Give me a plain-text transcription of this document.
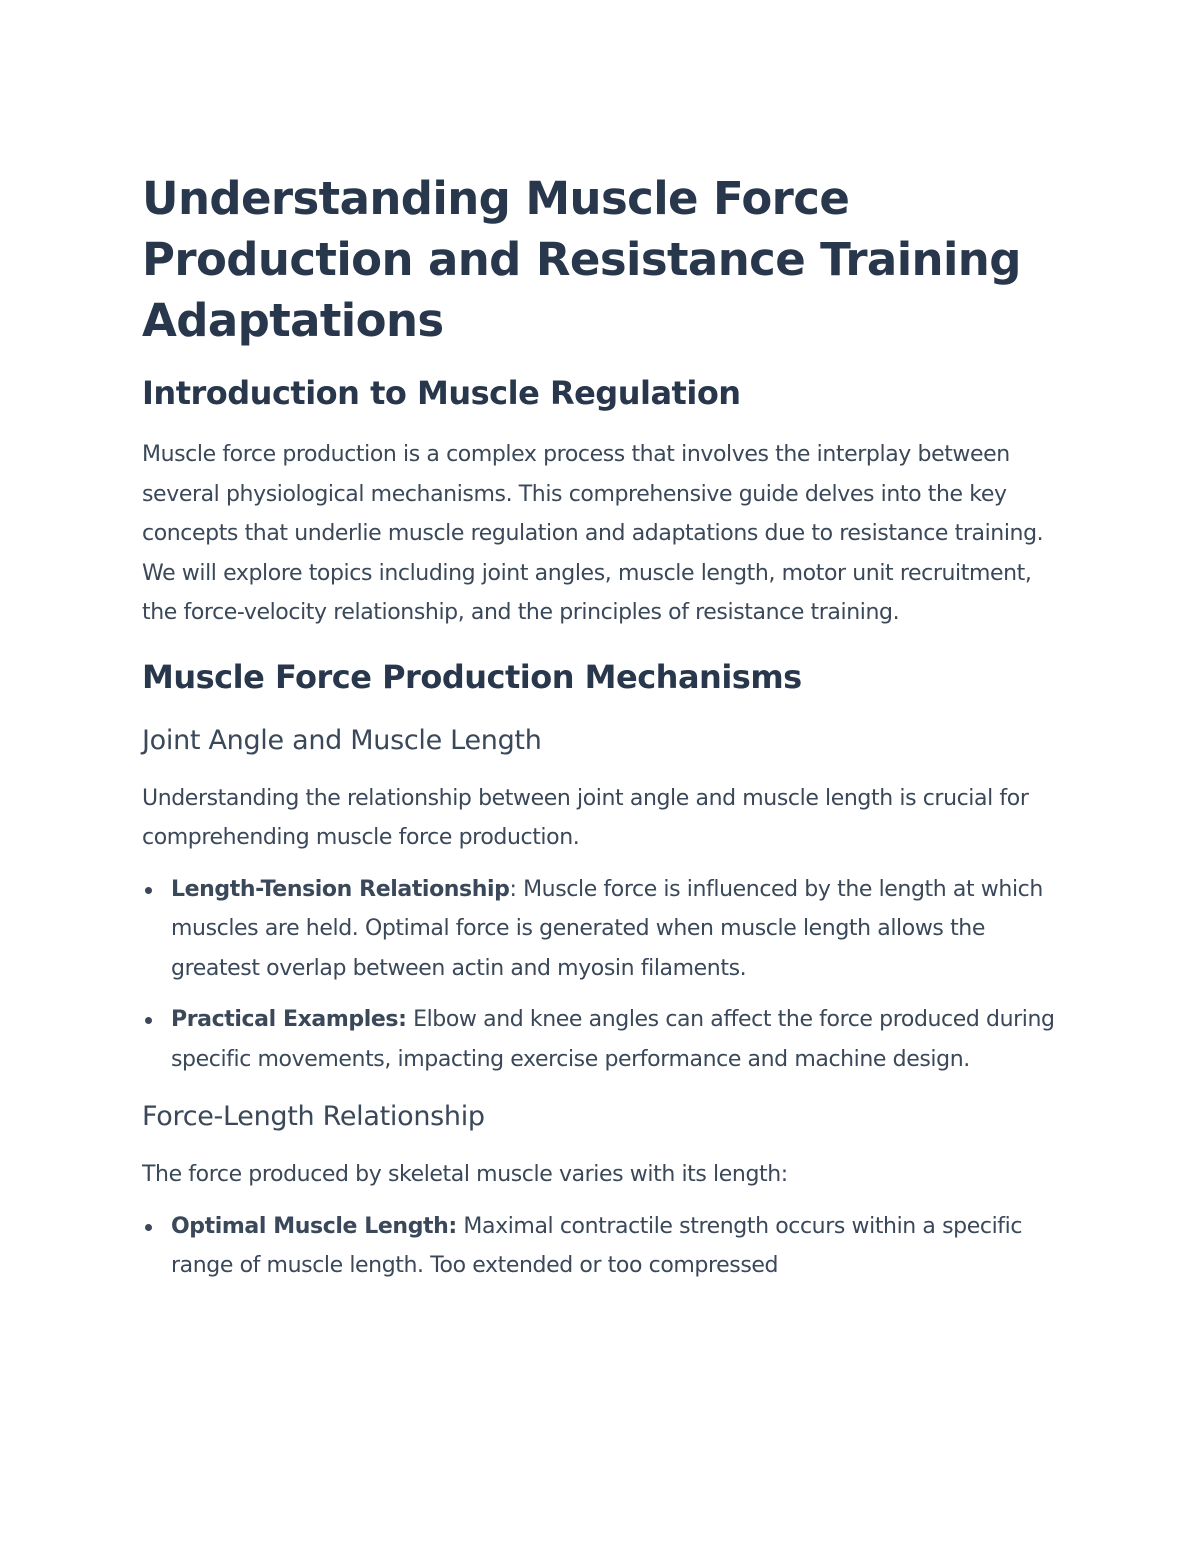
Understanding Muscle Force Production and Resistance Training Adaptations
Introduction to Muscle Regulation

Muscle force production is a complex process that involves the interplay between several physiological mechanisms. This comprehensive guide delves into the key concepts that underlie muscle regulation and adaptations due to resistance training. We will explore topics including joint angles, muscle length, motor unit recruitment, the force-velocity relationship, and the principles of resistance training.

Muscle Force Production Mechanisms
Joint Angle and Muscle Length

Understanding the relationship between joint angle and muscle length is crucial for comprehending muscle force production.

Length-Tension Relationship: Muscle force is influenced by the length at which muscles are held. Optimal force is generated when muscle length allows the greatest overlap between actin and myosin filaments.
Practical Examples: Elbow and knee angles can affect the force produced during specific movements, impacting exercise performance and machine design.
Force-Length Relationship

The force produced by skeletal muscle varies with its length:

Optimal Muscle Length: Maximal contractile strength occurs within a specific range of muscle length. Too extended or too compressed
